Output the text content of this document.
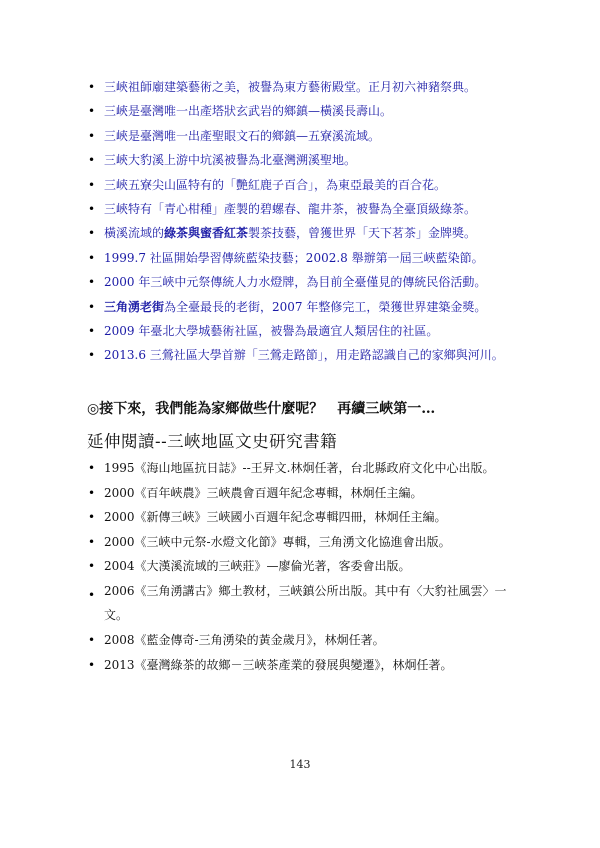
• 三峽祖師廟建築藝術之美，被譽為東方藝術殿堂。正月初六神豬祭典。
• 三峽是臺灣唯一出產塔狀玄武岩的鄉鎮—橫溪長壽山。
• 三峽是臺灣唯一出產聖眼文石的鄉鎮—五寮溪流域。
• 三峽大豹溪上游中坑溪被譽為北臺灣溯溪聖地。
• 三峽五寮尖山區特有的「艷紅鹿子百合」，為東亞最美的百合花。
• 三峽特有「青心柑種」產製的碧螺春、龍井茶，被譽為全臺頂級綠茶。
• 橫溪流域的綠茶與蜜香紅茶製茶技藝，曾獲世界「天下茗茶」金牌獎。
• 1999.7 社區開始學習傳統藍染技藝；2002.8 舉辦第一屆三峽藍染節。
• 2000 年三峽中元祭傳統人力水燈牌，為目前全臺僅見的傳統民俗活動。
• 三角湧老街為全臺最長的老街，2007 年整修完工，榮獲世界建築金獎。
• 2009 年臺北大學城藝術社區，被譽為最適宜人類居住的社區。
• 2013.6 三鶯社區大學首辦「三鶯走路節」，用走路認識自己的家鄉與河川。
◎接下來，我們能為家鄉做些什麼呢？　再續三峽第一…
延伸閱讀--三峽地區文史研究書籍
• 1995《海山地區抗日誌》--王昇文.林炯任著，台北縣政府文化中心出版。
• 2000《百年峽農》三峽農會百週年紀念專輯，林炯任主編。
• 2000《新傳三峽》三峽國小百週年紀念專輯四冊，林炯任主編。
• 2000《三峽中元祭-水燈文化節》專輯，三角湧文化協進會出版。
• 2004《大漢溪流域的三峽莊》—廖倫光著，客委會出版。
• 2006《三角湧講古》鄉土教材，三峽鎮公所出版。其中有〈大豹社風雲〉一文。
• 2008《藍金傳奇-三角湧染的黃金歲月》，林炯任著。
• 2013《臺灣綠茶的故鄉－三峽茶產業的發展與變遷》，林炯任著。
143
